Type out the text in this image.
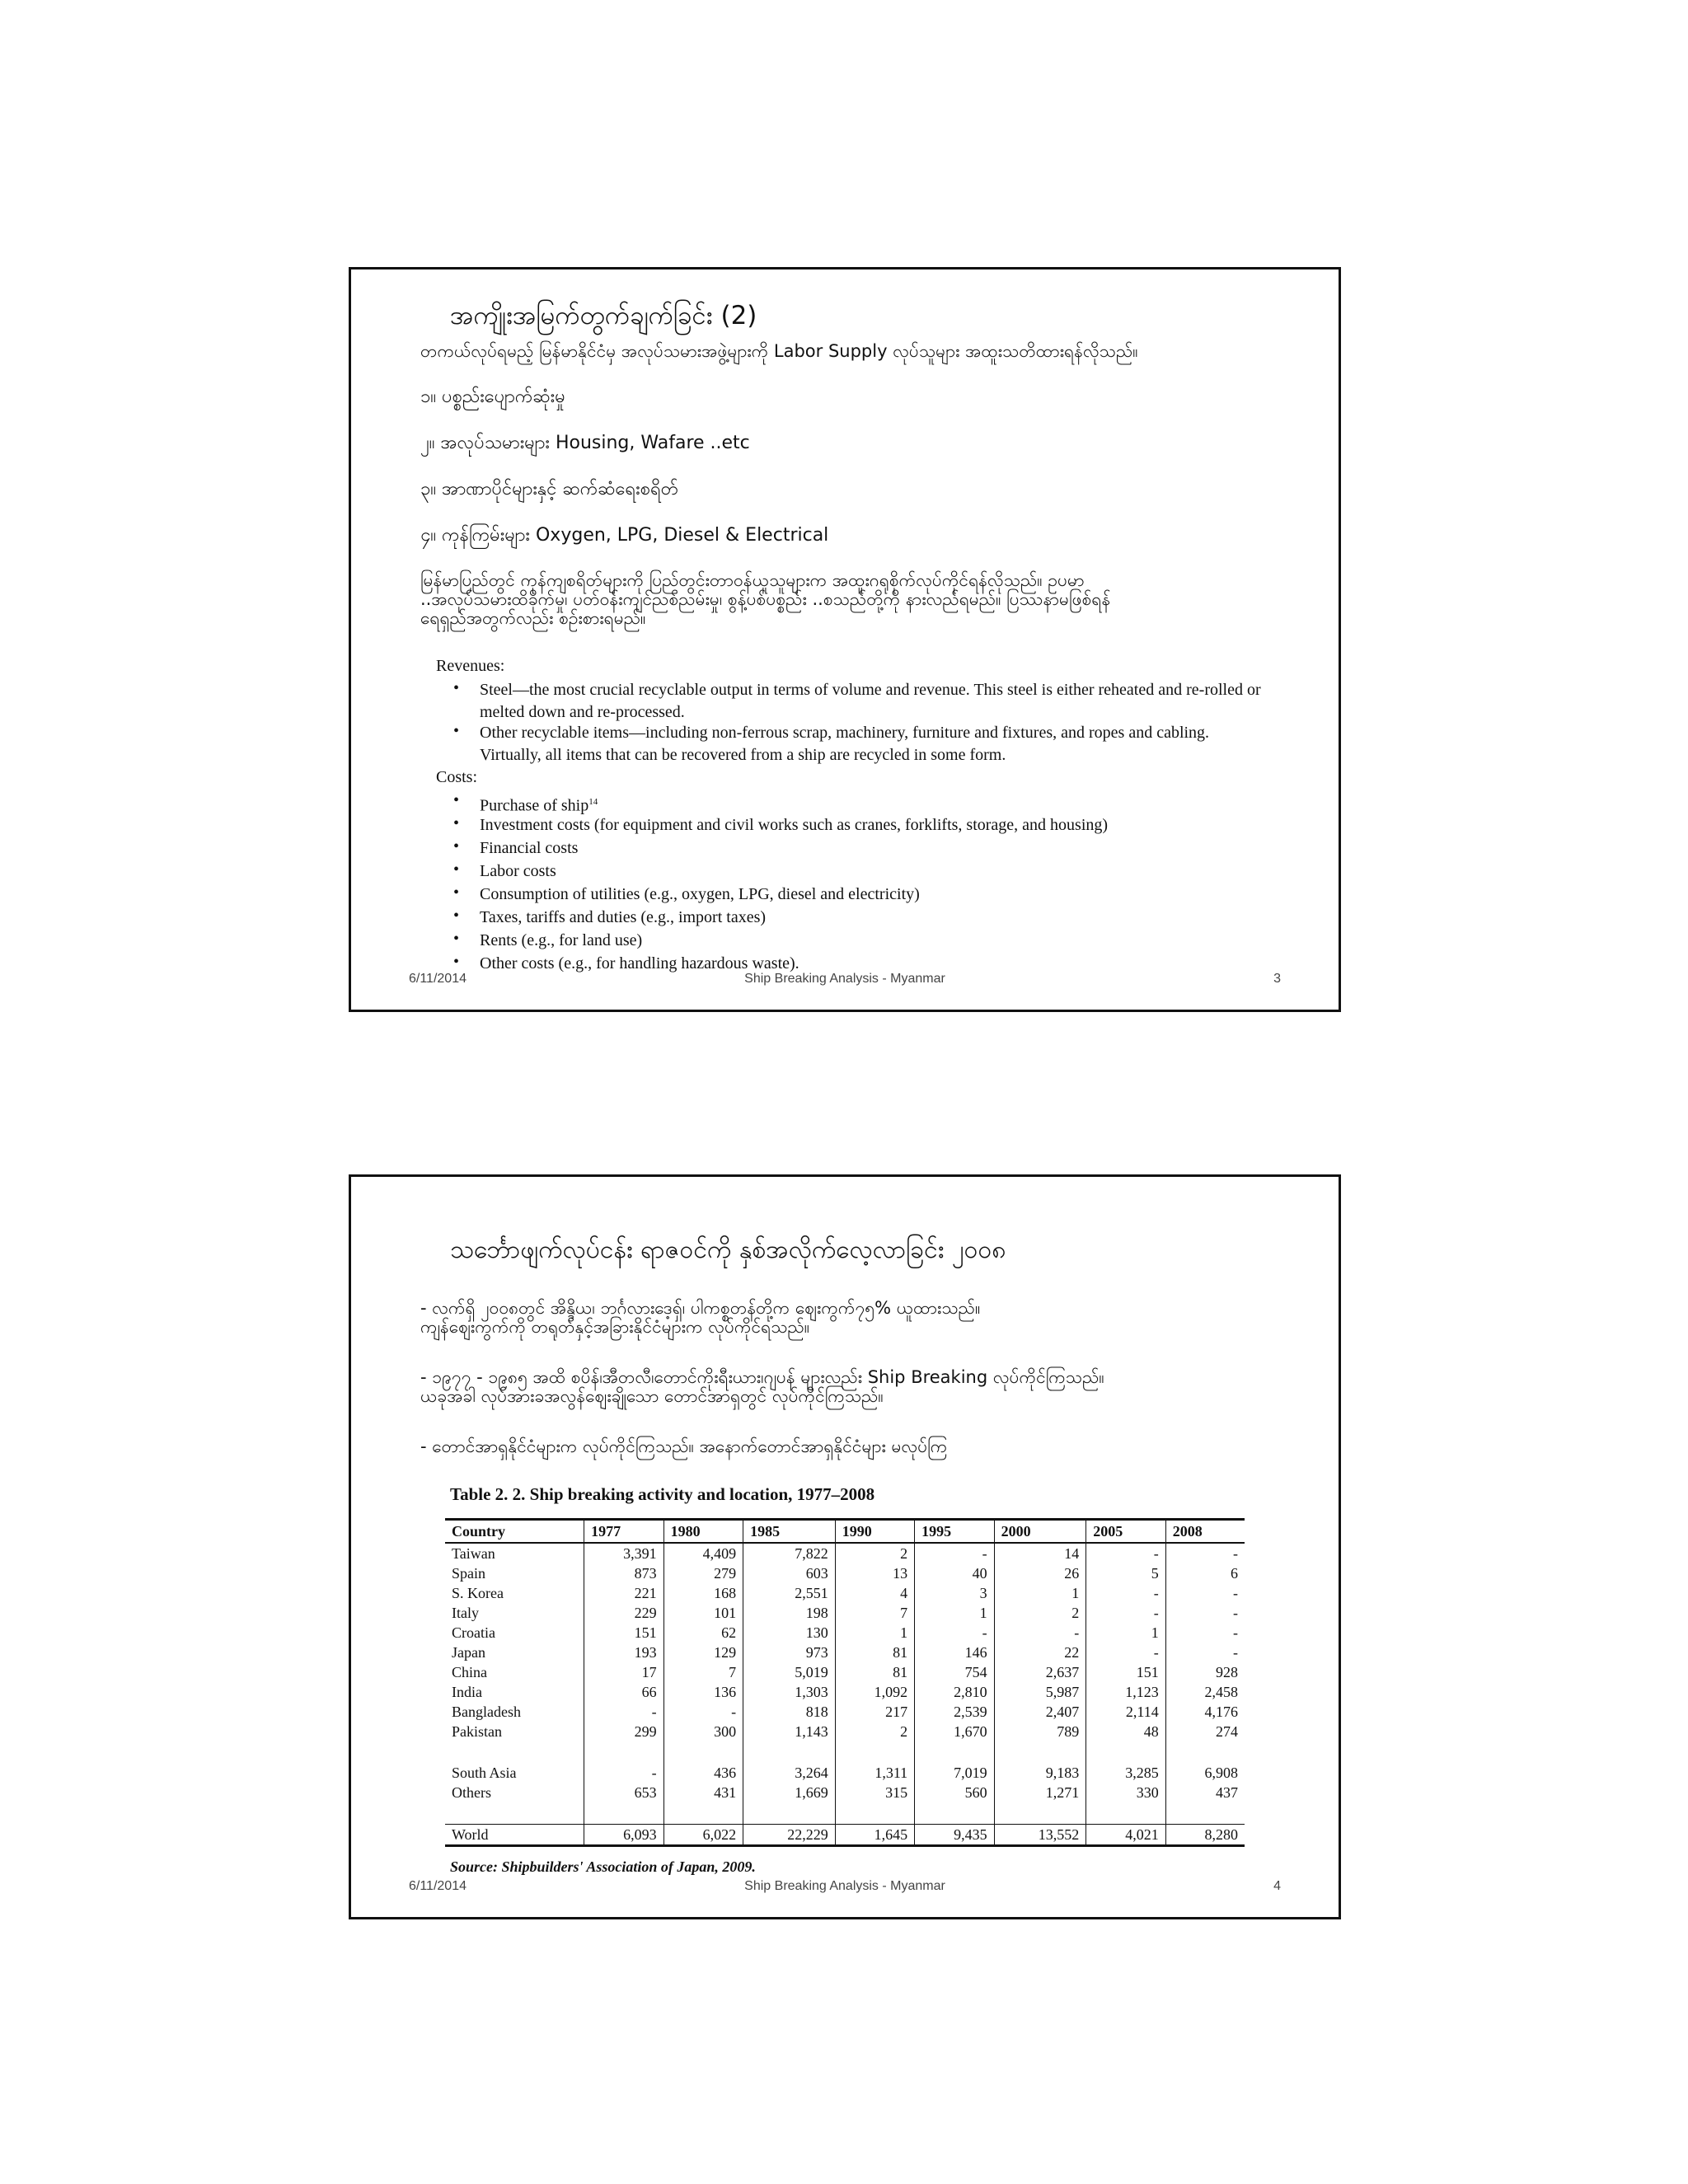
အကျိုးအမြက်တွက်ချက်ခြင်း (2)
တကယ်လုပ်ရမည့် မြန်မာနိုင်ငံမှ အလုပ်သမားအဖွဲ့များကို Labor Supply လုပ်သူများ အထူးသတိထားရန်လိုသည်။
၁။ ပစ္စည်းပျောက်ဆုံးမှု
၂။ အလုပ်သမားများ Housing, Wafare ..etc
၃။ အာဏာပိုင်များနှင့် ဆက်ဆံရေးစရိတ်
၄။ ကုန်ကြမ်းများ Oxygen, LPG, Diesel & Electrical
မြန်မာပြည်တွင် ကုန်ကျစရိတ်များကို ပြည်တွင်းတာဝန်ယူသူများက အထူးဂရုစိုက်လုပ်ကိုင်ရန်လိုသည်။ ဥပမာ
..အလုပ်သမားထိခိုက်မှု၊ ပတ်ဝန်းကျင်ညစ်ညမ်းမှု၊ စွန့်ပစ်ပစ္စည်း ..စသည်တို့ကို နားလည်ရမည်။ ပြဿနာမဖြစ်ရန်
ရေရှည်အတွက်လည်း စဉ်းစားရမည်။
Revenues:
• Steel—the most crucial recyclable output in terms of volume and revenue. This steel is either reheated and re-rolled or melted down and re-processed.
• Other recyclable items—including non-ferrous scrap, machinery, furniture and fixtures, and ropes and cabling. Virtually, all items that can be recovered from a ship are recycled in some form.
Costs:
• Purchase of ship$^{14}$
• Investment costs (for equipment and civil works such as cranes, forklifts, storage, and housing)
• Financial costs
• Labor costs
• Consumption of utilities (e.g., oxygen, LPG, diesel and electricity)
• Taxes, tariffs and duties (e.g., import taxes)
• Rents (e.g., for land use)
• Other costs (e.g., for handling hazardous waste).
6/11/2014	Ship Breaking Analysis - Myanmar	3
သင်္ဘောဖျက်လုပ်ငန်း ရာဇဝင်ကို နှစ်အလိုက်လေ့လာခြင်း ၂၀၀၈
- လက်ရှိ ၂၀၀၈တွင် အိန္ဒိယ၊ ဘင်္ဂလားဒေ့ရှ်၊ ပါကစ္စတန်တို့က ဈေးကွက်၇၅% ယူထားသည်။
ကျန်ဈေးကွက်ကို တရုတ်နှင့်အခြားနိုင်ငံများက လုပ်ကိုင်ရသည်။
- ၁၉၇၇ - ၁၉၈၅ အထိ စပိန်၊အီတလီ၊တောင်ကိုးရီးယား၊ဂျပန် များလည်း Ship Breaking လုပ်ကိုင်ကြသည်။
ယခုအခါ လုပ်အားခအလွန်ဈေးချိုသော တောင်အာရှတွင် လုပ်ကိုင်ကြသည်။
- တောင်အာရှနိုင်ငံများက လုပ်ကိုင်ကြသည်။ အနောက်တောင်အာရှနိုင်ငံများ မလုပ်ကြ
Table 2. 2. Ship breaking activity and location, 1977–2008
Country	1977	1980	1985	1990	1995	2000	2005	2008
Taiwan	3,391	4,409	7,822	2	-	14	-	-
Spain	873	279	603	13	40	26	5	6
S. Korea	221	168	2,551	4	3	1	-	-
Italy	229	101	198	7	1	2	-	-
Croatia	151	62	130	1	-	-	1	-
Japan	193	129	973	81	146	22	-	-
China	17	7	5,019	81	754	2,637	151	928
India	66	136	1,303	1,092	2,810	5,987	1,123	2,458
Bangladesh	-	-	818	217	2,539	2,407	2,114	4,176
Pakistan	299	300	1,143	2	1,670	789	48	274

South Asia	-	436	3,264	1,311	7,019	9,183	3,285	6,908
Others	653	431	1,669	315	560	1,271	330	437

World	6,093	6,022	22,229	1,645	9,435	13,552	4,021	8,280
Source: Shipbuilders' Association of Japan, 2009.
6/11/2014	Ship Breaking Analysis - Myanmar	4
